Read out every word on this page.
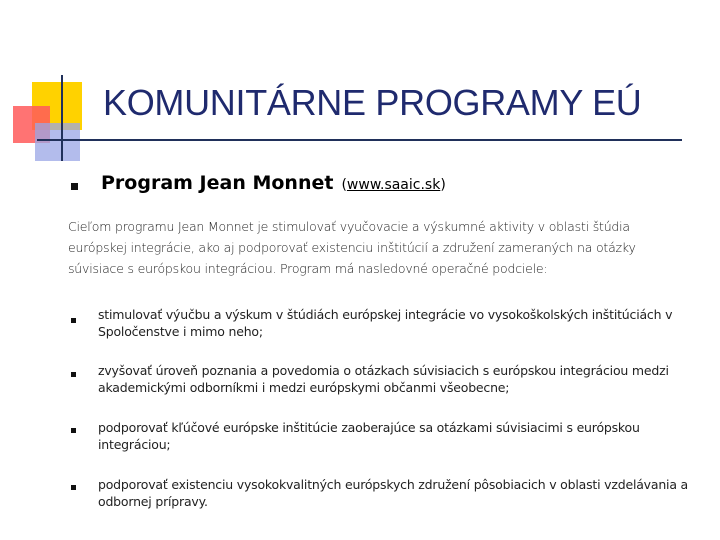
KOMUNITÁRNE PROGRAMY EÚ
Program Jean Monnet (www.saaic.sk)
Cieľom programu Jean Monnet je stimulovať vyučovacie a výskumné aktivity v oblasti štúdia európskej integrácie, ako aj podporovať existenciu inštitúcií a združení zameraných na otázky súvisiace s európskou integráciou. Program má nasledovné operačné podciele:
stimulovať výučbu a výskum v štúdiách európskej integrácie vo vysokoškolských inštitúciách v Spoločenstve i mimo neho;
zvyšovať úroveň poznania a povedomia o otázkach súvisiacich s európskou integráciou medzi akademickými odborníkmi i medzi európskymi občanmi všeobecne;
podporovať kľúčové európske inštitúcie zaoberajúce sa otázkami súvisiacimi s európskou integráciou;
podporovať existenciu vysokokvalitných európskych združení pôsobiacich v oblasti vzdelávania a odbornej prípravy.
